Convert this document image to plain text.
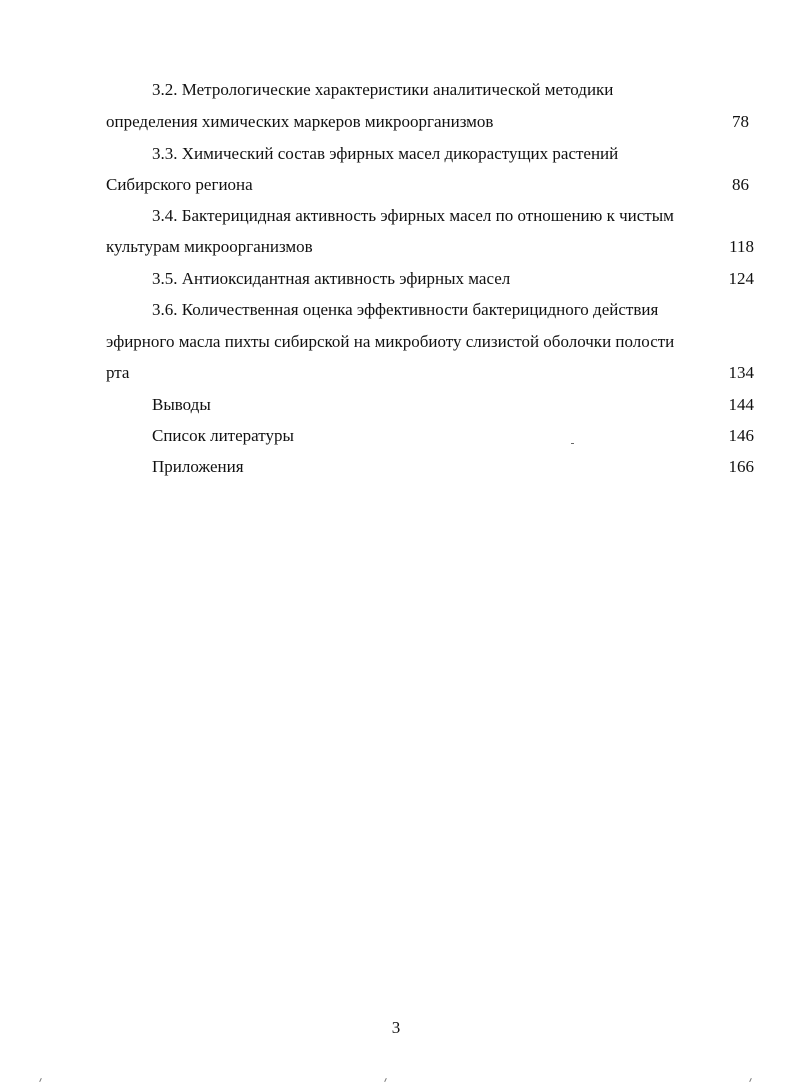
3.2. Метрологические характеристики аналитической методики
определения химических маркеров микроорганизмов	78
3.3. Химический состав эфирных масел дикорастущих растений
Сибирского региона	86
3.4. Бактерицидная активность эфирных масел по отношению к чистым
культурам микроорганизмов	118
3.5. Антиоксидантная активность эфирных масел	124
3.6. Количественная оценка эффективности бактерицидного действия
эфирного масла пихты сибирской на микробиоту слизистой оболочки полости
рта	134
Выводы	144
Список литературы	146
Приложения	166
3
